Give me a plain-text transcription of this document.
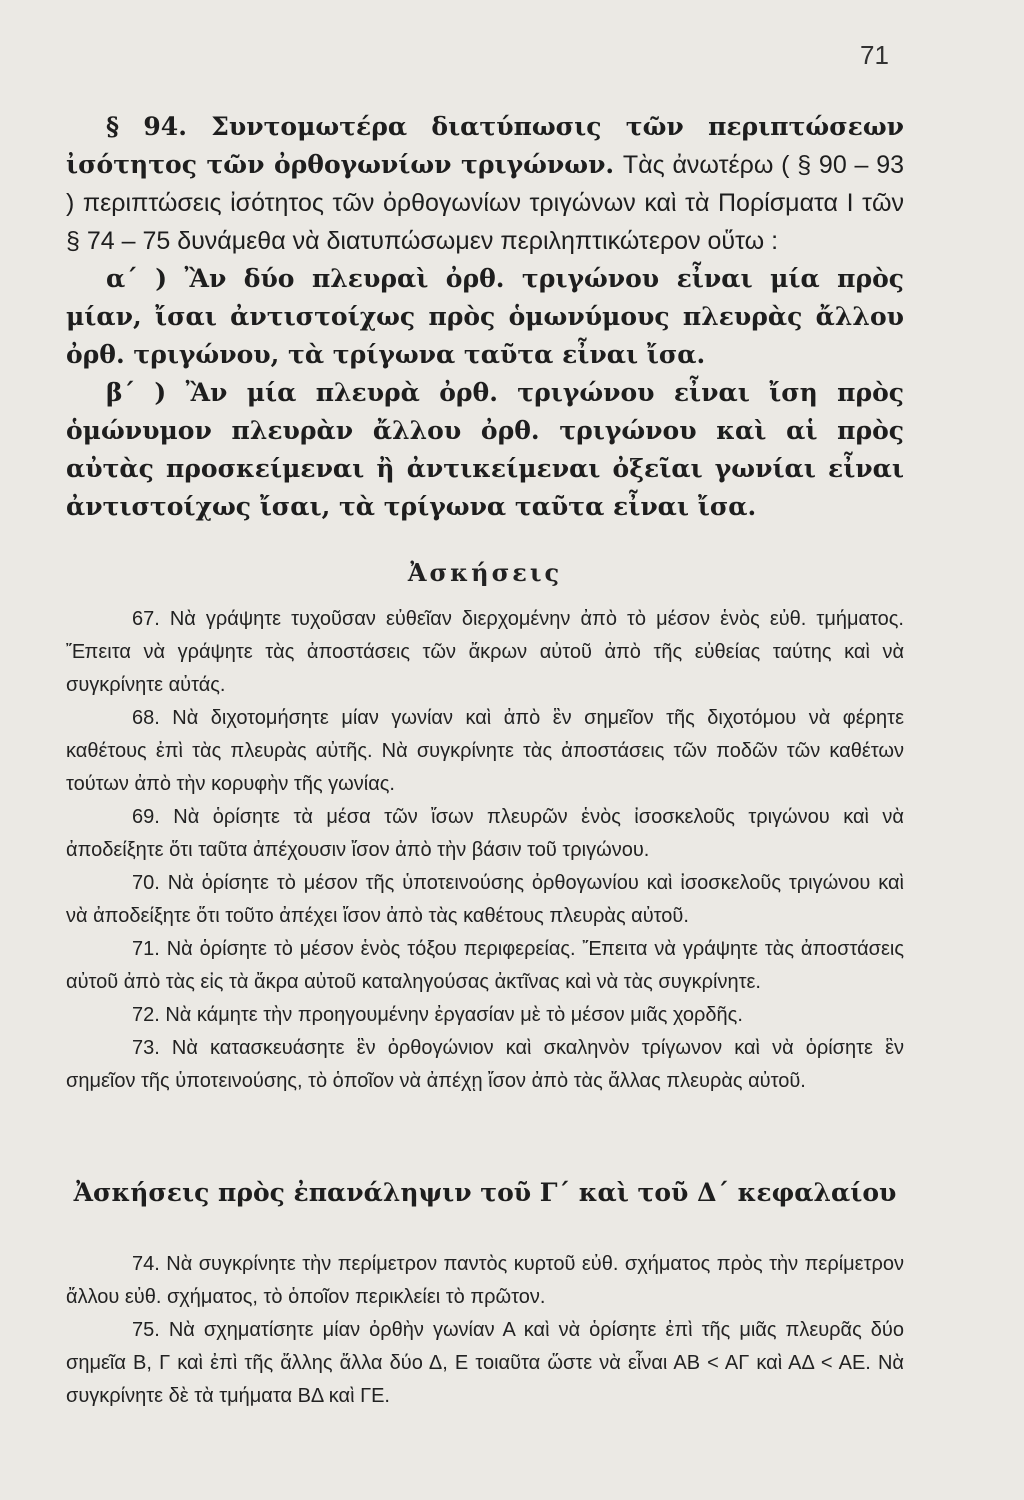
71

§ 94. Συντομωτέρα διατύπωσις τῶν περιπτώσεων ἰσότητος τῶν ὀρθογωνίων τριγώνων. Τὰς ἀνωτέρω ( § 90 – 93 ) περιπτώσεις ἰσότητος τῶν ὀρθογωνίων τριγώνων καὶ τὰ Πορίσματα Ι τῶν § 74 – 75 δυνάμεθα νὰ διατυπώσωμεν περιληπτικώτερον οὕτω :

α΄ ) Ἂν δύο πλευραὶ ὀρθ. τριγώνου εἶναι μία πρὸς μίαν, ἴσαι ἀντιστοίχως πρὸς ὁμωνύμους πλευρὰς ἄλλου ὀρθ. τριγώνου, τὰ τρίγωνα ταῦτα εἶναι ἴσα.

β΄ ) Ἂν μία πλευρὰ ὀρθ. τριγώνου εἶναι ἴση πρὸς ὁμώνυμον πλευρὰν ἄλλου ὀρθ. τριγώνου καὶ αἱ πρὸς αὐτὰς προσκείμεναι ἢ ἀντικείμεναι ὀξεῖαι γωνίαι εἶναι ἀντιστοίχως ἴσαι, τὰ τρίγωνα ταῦτα εἶναι ἴσα.

Ἀσκήσεις

67. Νὰ γράψητε τυχοῦσαν εὐθεῖαν διερχομένην ἀπὸ τὸ μέσον ἑνὸς εὐθ. τμήματος. Ἔπειτα νὰ γράψητε τὰς ἀποστάσεις τῶν ἄκρων αὐτοῦ ἀπὸ τῆς εὐθείας ταύτης καὶ νὰ συγκρίνητε αὐτάς.

68. Νὰ διχοτομήσητε μίαν γωνίαν καὶ ἀπὸ ἓν σημεῖον τῆς διχοτόμου νὰ φέρητε καθέτους ἐπὶ τὰς πλευρὰς αὐτῆς. Νὰ συγκρίνητε τὰς ἀποστάσεις τῶν ποδῶν τῶν καθέτων τούτων ἀπὸ τὴν κορυφὴν τῆς γωνίας.

69. Νὰ ὁρίσητε τὰ μέσα τῶν ἴσων πλευρῶν ἑνὸς ἰσοσκελοῦς τριγώνου καὶ νὰ ἀποδείξητε ὅτι ταῦτα ἀπέχουσιν ἴσον ἀπὸ τὴν βάσιν τοῦ τριγώνου.

70. Νὰ ὁρίσητε τὸ μέσον τῆς ὑποτεινούσης ὀρθογωνίου καὶ ἰσοσκελοῦς τριγώνου καὶ νὰ ἀποδείξητε ὅτι τοῦτο ἀπέχει ἴσον ἀπὸ τὰς καθέτους πλευρὰς αὐτοῦ.

71. Νὰ ὁρίσητε τὸ μέσον ἑνὸς τόξου περιφερείας. Ἔπειτα νὰ γράψητε τὰς ἀποστάσεις αὐτοῦ ἀπὸ τὰς εἰς τὰ ἄκρα αὐτοῦ καταληγούσας ἀκτῖνας καὶ νὰ τὰς συγκρίνητε.

72. Νὰ κάμητε τὴν προηγουμένην ἐργασίαν μὲ τὸ μέσον μιᾶς χορδῆς.

73. Νὰ κατασκευάσητε ἓν ὀρθογώνιον καὶ σκαληνὸν τρίγωνον καὶ νὰ ὁρίσητε ἓν σημεῖον τῆς ὑποτεινούσης, τὸ ὁποῖον νὰ ἀπέχῃ ἴσον ἀπὸ τὰς ἄλλας πλευρὰς αὐτοῦ.

Ἀσκήσεις πρὸς ἐπανάληψιν τοῦ Γ΄ καὶ τοῦ Δ΄ κεφαλαίου

74. Νὰ συγκρίνητε τὴν περίμετρον παντὸς κυρτοῦ εὐθ. σχήματος πρὸς τὴν περίμετρον ἄλλου εὐθ. σχήματος, τὸ ὁποῖον περικλείει τὸ πρῶτον.

75. Νὰ σχηματίσητε μίαν ὀρθὴν γωνίαν Α καὶ νὰ ὁρίσητε ἐπὶ τῆς μιᾶς πλευρᾶς δύο σημεῖα Β, Γ καὶ ἐπὶ τῆς ἄλλης ἄλλα δύο Δ, Ε τοιαῦτα ὥστε νὰ εἶναι ΑΒ < ΑΓ καὶ ΑΔ < ΑΕ. Νὰ συγκρίνητε δὲ τὰ τμήματα ΒΔ καὶ ΓΕ.
